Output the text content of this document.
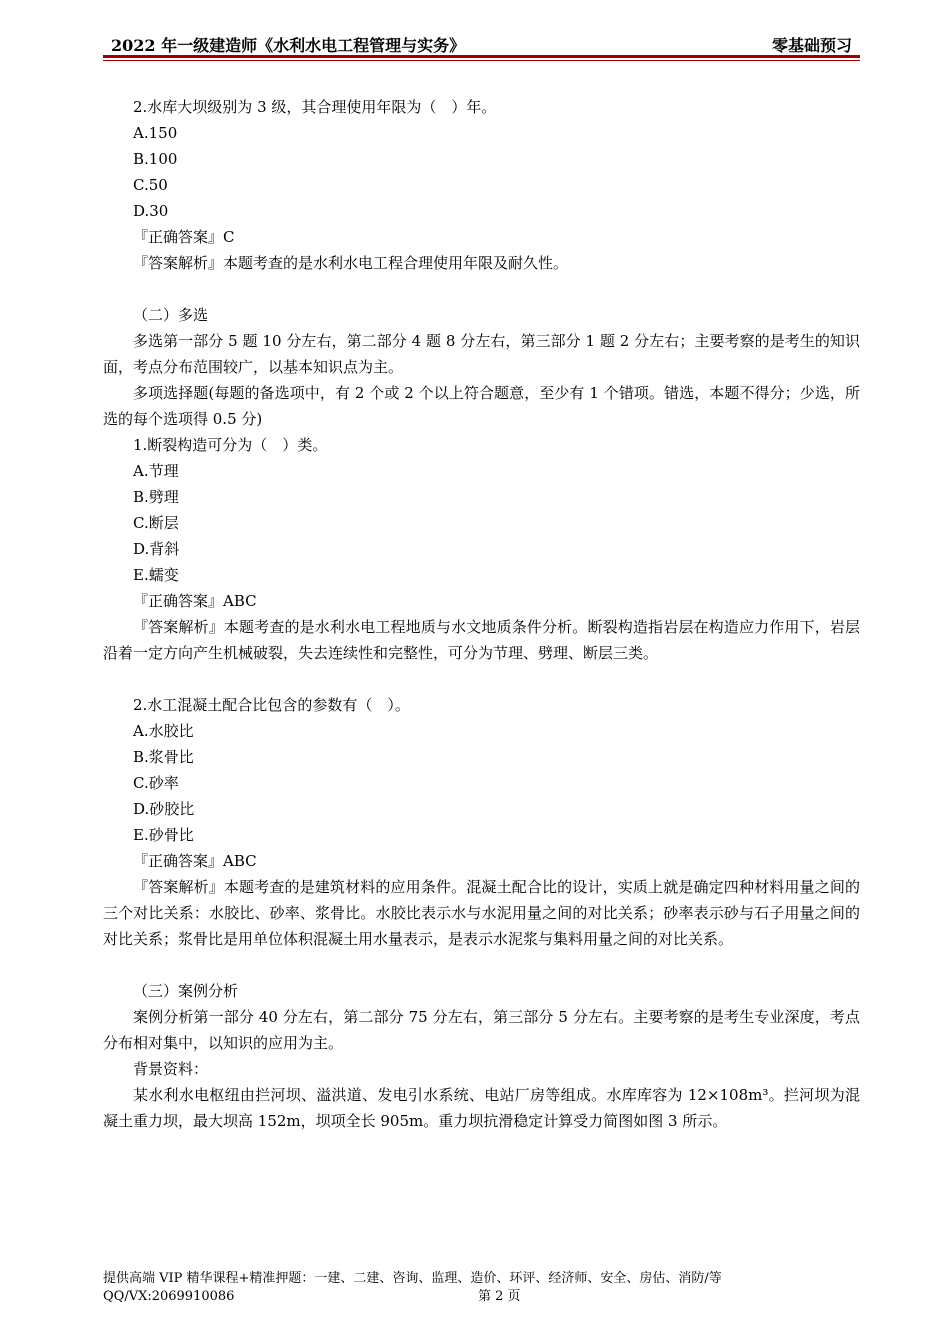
2022 年一级建造师《水利水电工程管理与实务》	零基础预习
2.水库大坝级别为 3 级，其合理使用年限为（　）年。
A.150
B.100
C.50
D.30
『正确答案』C
『答案解析』本题考查的是水利水电工程合理使用年限及耐久性。
（二）多选
多选第一部分 5 题 10 分左右，第二部分 4 题 8 分左右，第三部分 1 题 2 分左右；主要考察的是考生的知识面，考点分布范围较广，以基本知识点为主。
多项选择题(每题的备选项中，有 2 个或 2 个以上符合题意，至少有 1 个错项。错选，本题不得分；少选，所选的每个选项得 0.5 分)
1.断裂构造可分为（　）类。
A.节理
B.劈理
C.断层
D.背斜
E.蠕变
『正确答案』ABC
『答案解析』本题考查的是水利水电工程地质与水文地质条件分析。断裂构造指岩层在构造应力作用下，岩层沿着一定方向产生机械破裂，失去连续性和完整性，可分为节理、劈理、断层三类。
2.水工混凝土配合比包含的参数有（　）。
A.水胶比
B.浆骨比
C.砂率
D.砂胶比
E.砂骨比
『正确答案』ABC
『答案解析』本题考查的是建筑材料的应用条件。混凝土配合比的设计，实质上就是确定四种材料用量之间的三个对比关系：水胶比、砂率、浆骨比。水胶比表示水与水泥用量之间的对比关系；砂率表示砂与石子用量之间的对比关系；浆骨比是用单位体积混凝土用水量表示，是表示水泥浆与集料用量之间的对比关系。
（三）案例分析
案例分析第一部分 40 分左右，第二部分 75 分左右，第三部分 5 分左右。主要考察的是考生专业深度，考点分布相对集中，以知识的应用为主。
背景资料：
某水利水电枢纽由拦河坝、溢洪道、发电引水系统、电站厂房等组成。水库库容为 12×108m³。拦河坝为混凝土重力坝，最大坝高 152m，坝项全长 905m。重力坝抗滑稳定计算受力简图如图 3 所示。
提供高端 VIP 精华课程+精准押题：一建、二建、咨询、监理、造价、环评、经济师、安全、房估、消防/等
QQ/VX:2069910086	第 2 页
